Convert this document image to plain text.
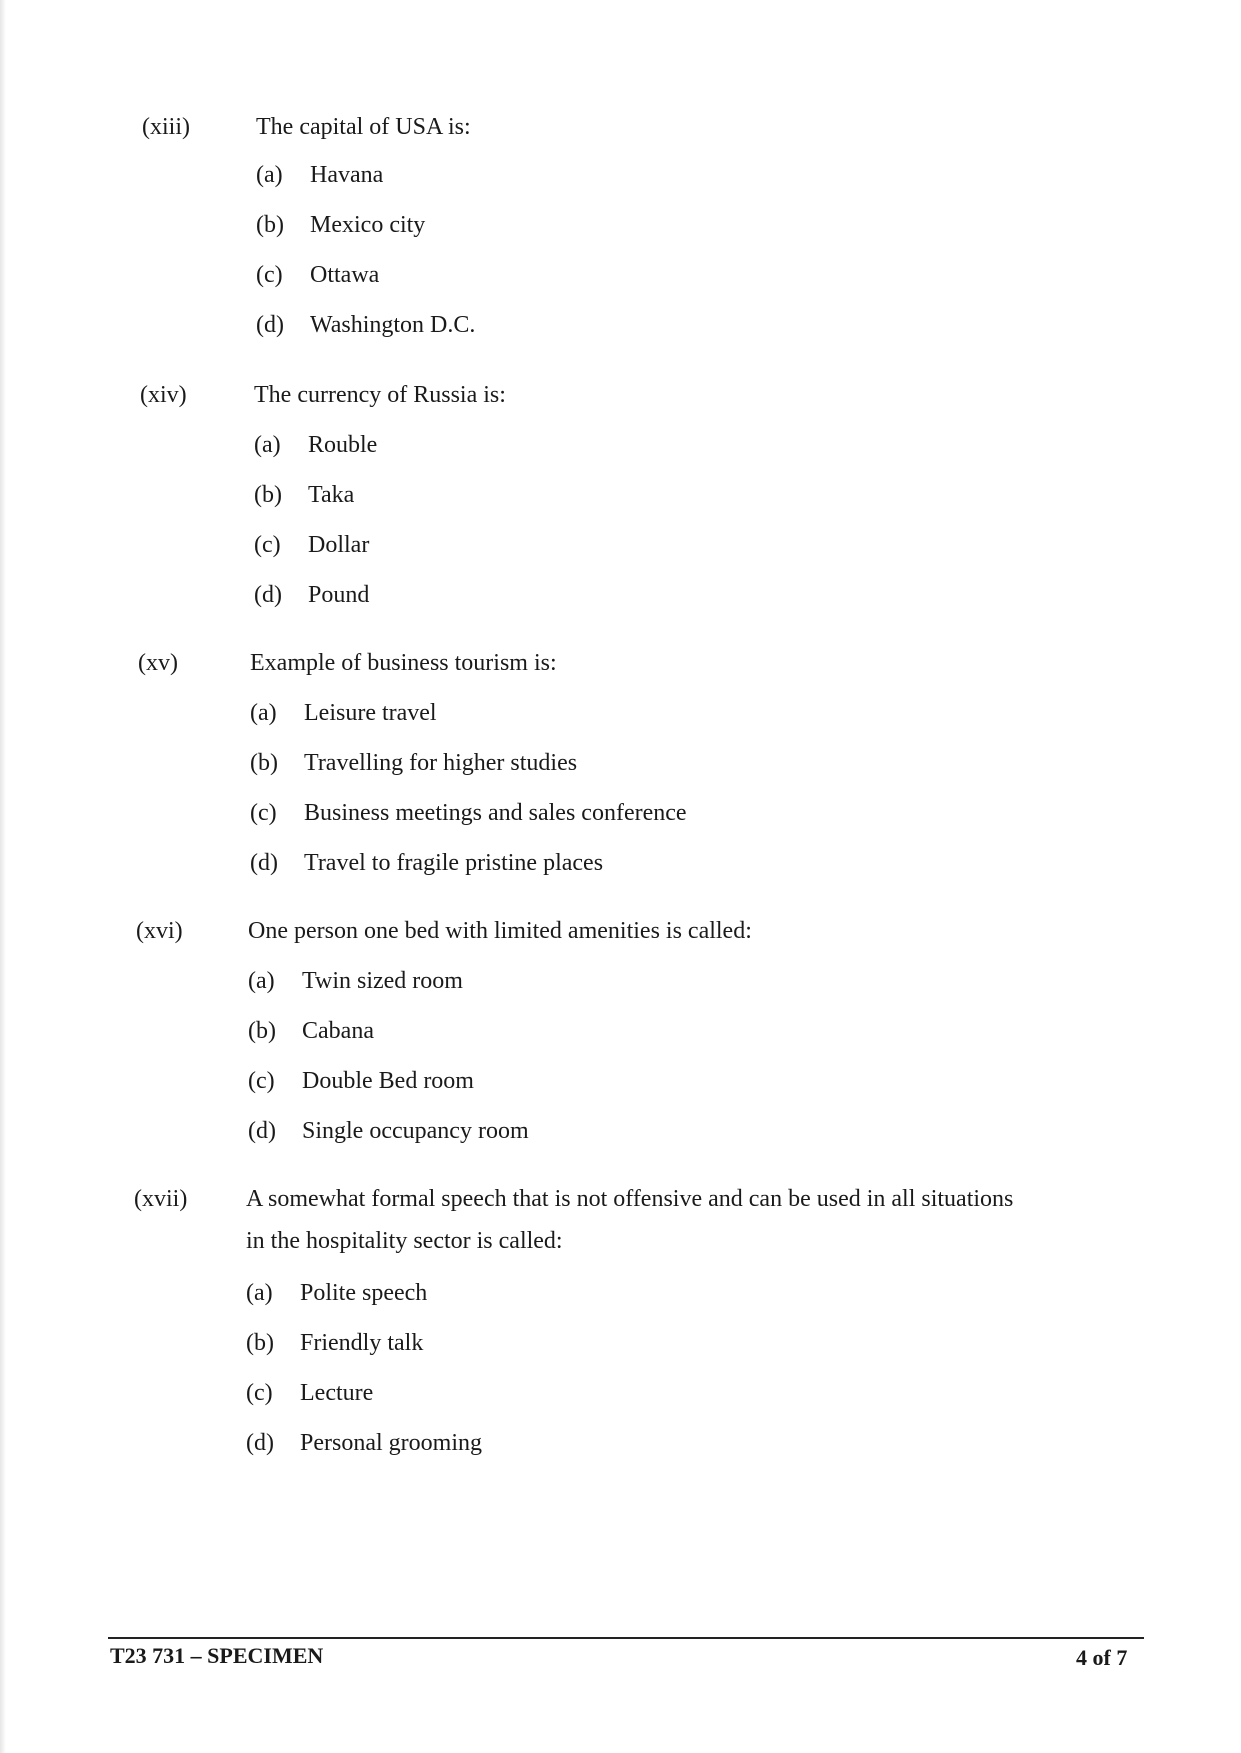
(xiii)	The capital of USA is:
(a) Havana
(b) Mexico city
(c) Ottawa
(d) Washington D.C.
(xiv)	The currency of Russia is:
(a) Rouble
(b) Taka
(c) Dollar
(d) Pound
(xv)	Example of business tourism is:
(a) Leisure travel
(b) Travelling for higher studies
(c) Business meetings and sales conference
(d) Travel to fragile pristine places
(xvi)	One person one bed with limited amenities is called:
(a) Twin sized room
(b) Cabana
(c) Double Bed room
(d) Single occupancy room
(xvii) A somewhat formal speech that is not offensive and can be used in all situations in the hospitality sector is called:
(a) Polite speech
(b) Friendly talk
(c) Lecture
(d) Personal grooming
T23 731 – SPECIMEN	4 of 7
